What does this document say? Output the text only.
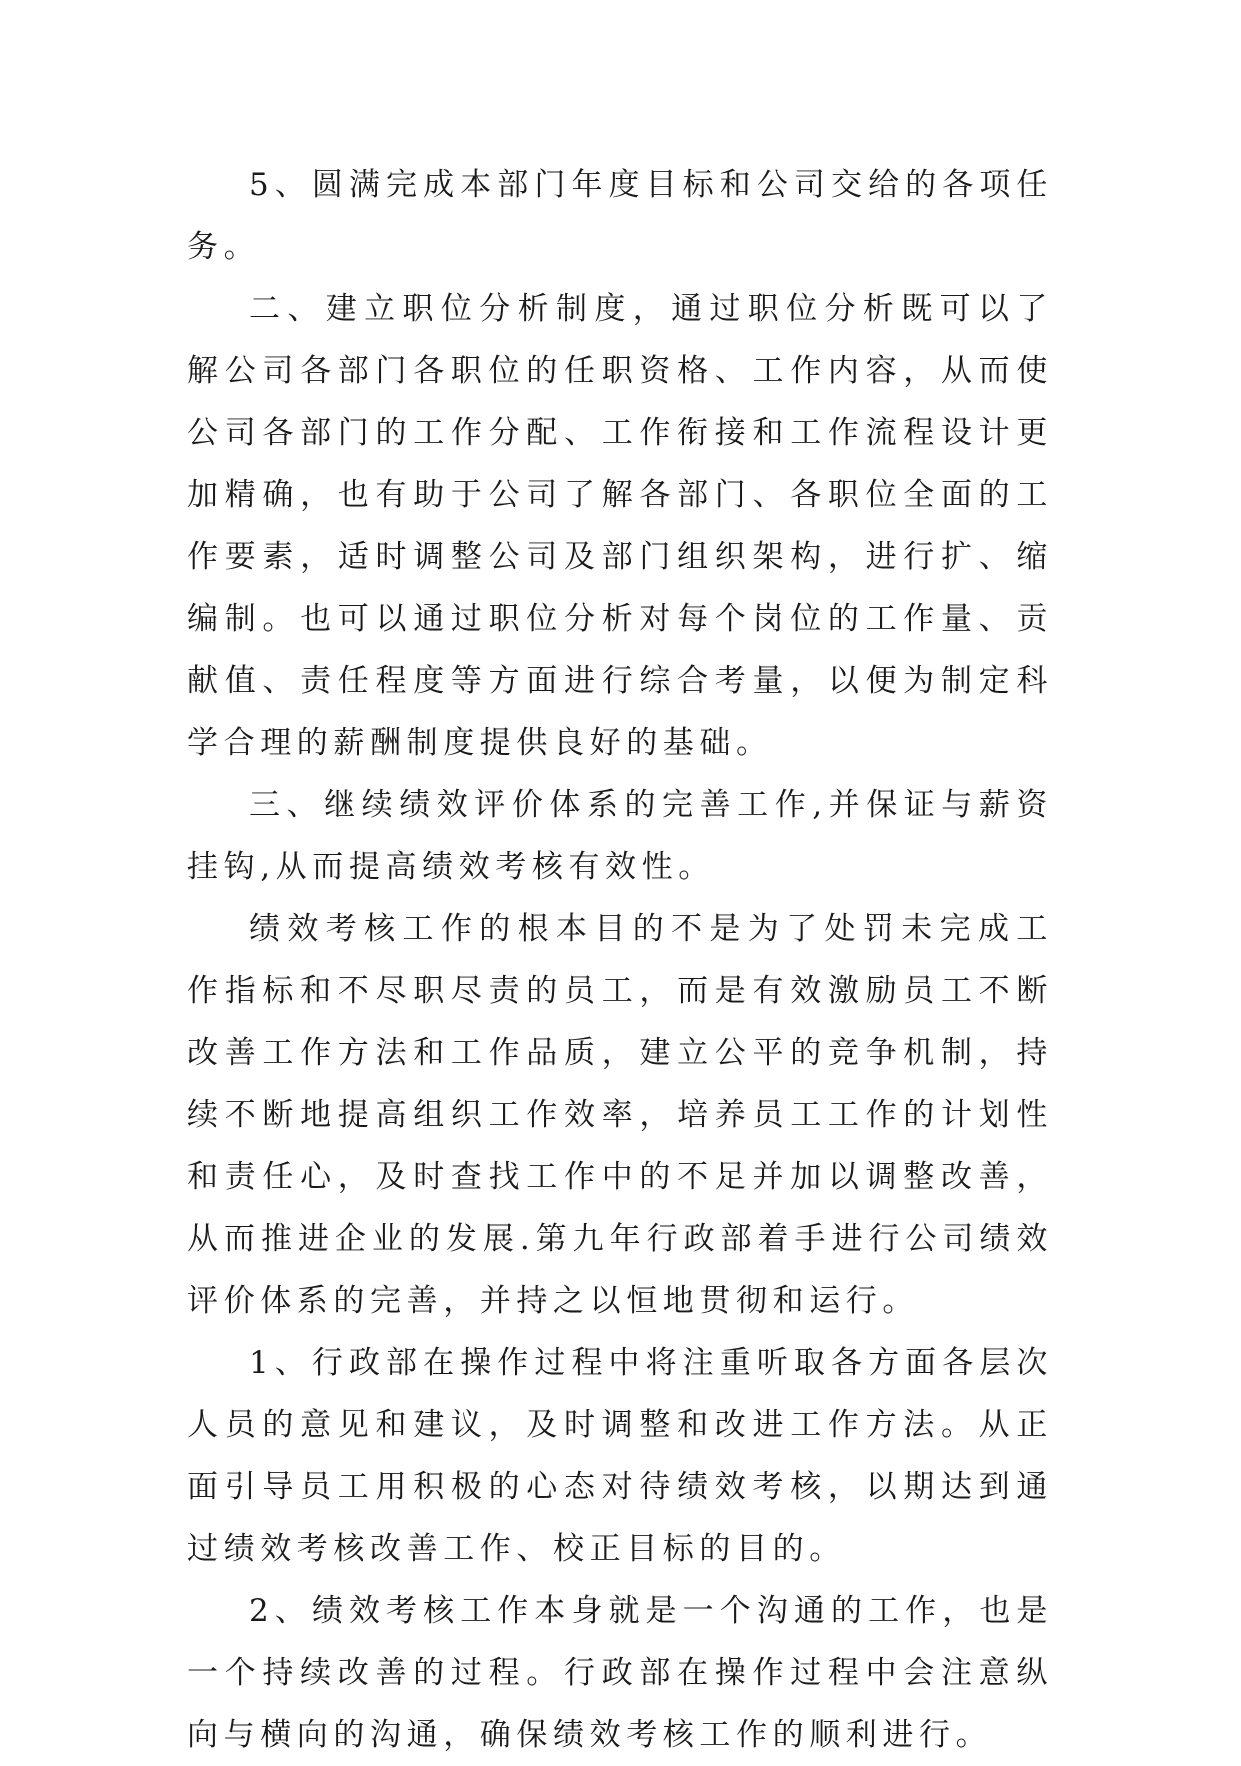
5、圆满完成本部门年度目标和公司交给的各项任务。

二、建立职位分析制度，通过职位分析既可以了解公司各部门各职位的任职资格、工作内容，从而使公司各部门的工作分配、工作衔接和工作流程设计更加精确，也有助于公司了解各部门、各职位全面的工作要素，适时调整公司及部门组织架构，进行扩、缩编制。也可以通过职位分析对每个岗位的工作量、贡献值、责任程度等方面进行综合考量，以便为制定科学合理的薪酬制度提供良好的基础。

三、继续绩效评价体系的完善工作,并保证与薪资挂钩,从而提高绩效考核有效性。

绩效考核工作的根本目的不是为了处罚未完成工作指标和不尽职尽责的员工，而是有效激励员工不断改善工作方法和工作品质，建立公平的竞争机制，持续不断地提高组织工作效率，培养员工工作的计划性和责任心，及时查找工作中的不足并加以调整改善，从而推进企业的发展.第九年行政部着手进行公司绩效评价体系的完善，并持之以恒地贯彻和运行。

1、行政部在操作过程中将注重听取各方面各层次人员的意见和建议，及时调整和改进工作方法。从正面引导员工用积极的心态对待绩效考核，以期达到通过绩效考核改善工作、校正目标的目的。

2、绩效考核工作本身就是一个沟通的工作，也是一个持续改善的过程。行政部在操作过程中会注意纵向与横向的沟通，确保绩效考核工作的顺利进行。
